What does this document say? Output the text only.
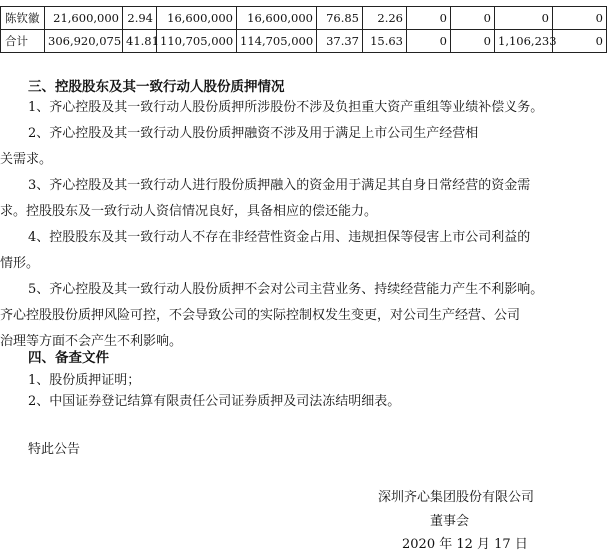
陈钦徽	21,600,000	2.94	16,600,000	16,600,000	76.85	2.26	0	0	0	0
合计	306,920,075	41.81	110,705,000	114,705,000	37.37	15.63	0	0	1,106,233	0
三、控股股东及其一致行动人股份质押情况
1、齐心控股及其一致行动人股份质押所涉股份不涉及负担重大资产重组等业绩补偿义务。
2、齐心控股及其一致行动人股份质押融资不涉及用于满足上市公司生产经营相
关需求。
3、齐心控股及其一致行动人进行股份质押融入的资金用于满足其自身日常经营的资金需
求。控股股东及一致行动人资信情况良好，具备相应的偿还能力。
4、控股股东及其一致行动人不存在非经营性资金占用、违规担保等侵害上市公司利益的
情形。
5、齐心控股及其一致行动人股份质押不会对公司主营业务、持续经营能力产生不利影响。
齐心控股股份质押风险可控，不会导致公司的实际控制权发生变更，对公司生产经营、公司
治理等方面不会产生不利影响。
四、备查文件
1、股份质押证明；
2、中国证券登记结算有限责任公司证券质押及司法冻结明细表。
特此公告
深圳齐心集团股份有限公司
董事会
2020 年 12 月 17 日
